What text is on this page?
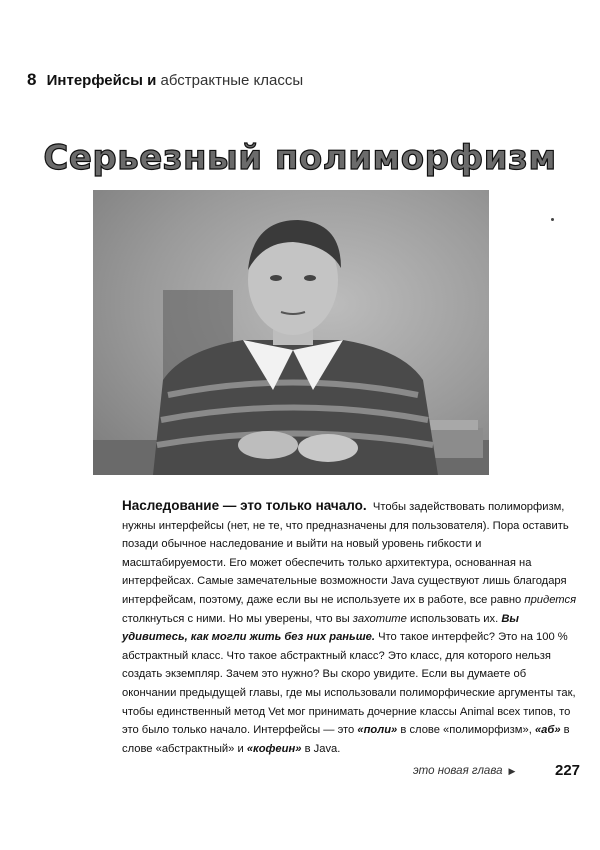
8 Интерфейсы и абстрактные классы
Серьезный полиморфизм
Наследование — это только начало. Чтобы задействовать полиморфизм, нужны интерфейсы (нет, не те, что предназначены для пользователя). Пора оставить позади обычное наследование и выйти на новый уровень гибкости и масштабируемости. Его может обеспечить только архитектура, основанная на интерфейсах. Самые замечательные возможности Java существуют лишь благодаря интерфейсам, поэтому, даже если вы не используете их в работе, все равно придется столкнуться с ними. Но мы уверены, что вы захотите использовать их. Вы удивитесь, как могли жить без них раньше. Что такое интерфейс? Это на 100 % абстрактный класс. Что такое абстрактный класс? Это класс, для которого нельзя создать экземпляр. Зачем это нужно? Вы скоро увидите. Если вы думаете об окончании предыдущей главы, где мы использовали полиморфические аргументы так, чтобы единственный метод Vet мог принимать дочерние классы Animal всех типов, то это было только начало. Интерфейсы — это «поли» в слове «полиморфизм», «аб» в слове «абстрактный» и «кофеин» в Java.
это новая глава ▶	227
